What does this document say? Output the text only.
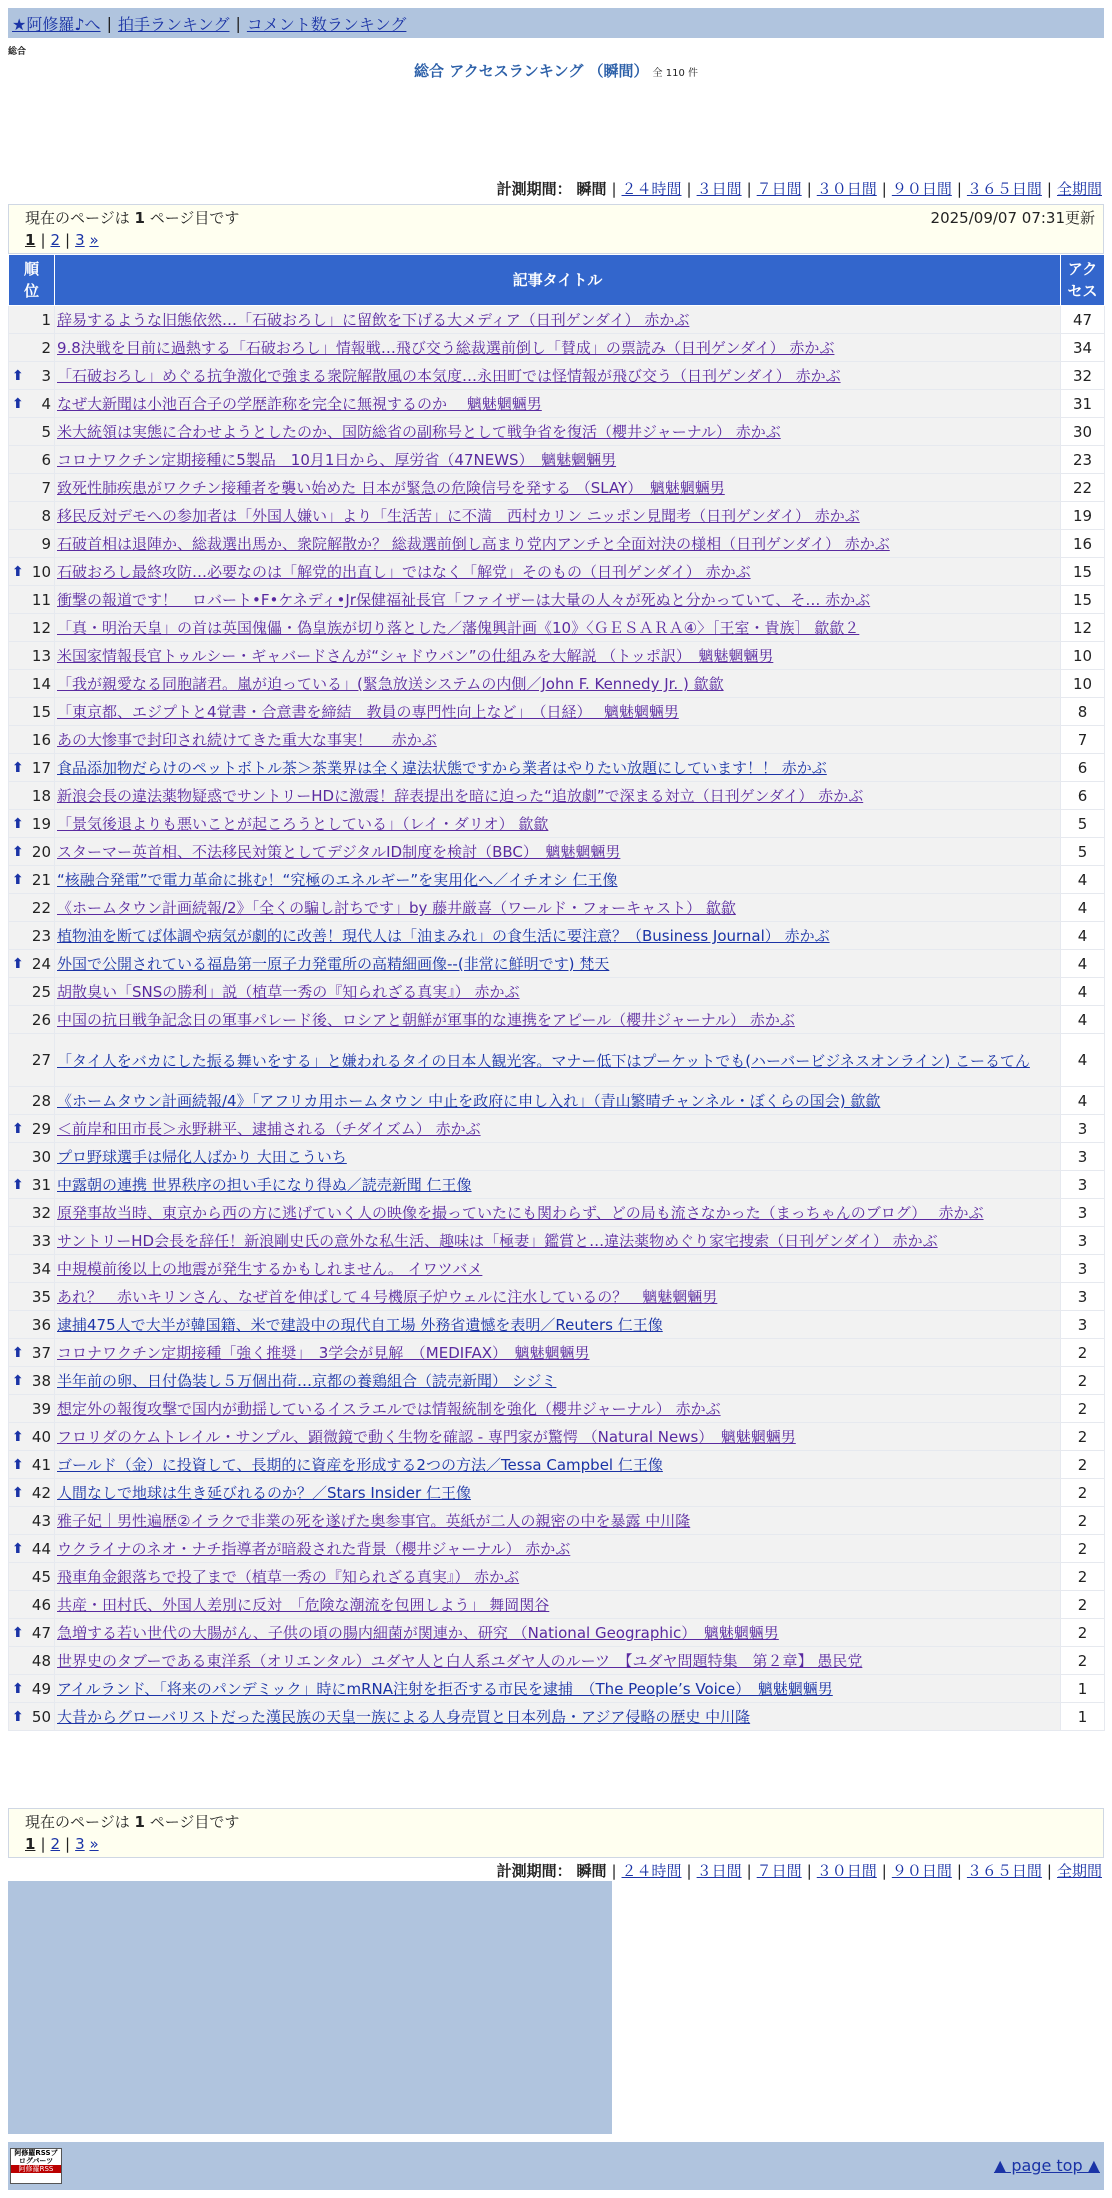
★阿修羅♪へ | 拍手ランキング | コメント数ランキング
総合
総合 アクセスランキング （瞬間） 全 110 件
計測期間： 瞬間 | ２４時間 | ３日間 | ７日間 | ３０日間 | ９０日間 | ３６５日間 | 全期間
現在のページは 1 ページ目です	2025/09/07 07:31更新
1 | 2 | 3 »
順
位	記事タイトル	アク
セス
1	辞易するような旧態依然…「石破おろし」に留飲を下げる大メディア（日刊ゲンダイ） 赤かぶ	47
2	9.8決戦を目前に過熱する「石破おろし」情報戦…飛び交う総裁選前倒し「賛成」の票読み（日刊ゲンダイ） 赤かぶ	34

⬆ 3	「石破おろし」めぐる抗争激化で強まる衆院解散風の本気度…永田町では怪情報が飛び交う（日刊ゲンダイ） 赤かぶ	32

⬆ 4	なぜ大新聞は小池百合子の学歴詐称を完全に無視するのか　 魑魅魍魎男	31
5	米大統領は実態に合わせようとしたのか、国防総省の副称号として戦争省を復活（櫻井ジャーナル） 赤かぶ	30
6	コロナワクチン定期接種に5製品　10月1日から、厚労省（47NEWS）　魑魅魍魎男	23
7	致死性肺疾患がワクチン接種者を襲い始めた 日本が緊急の危険信号を発する （SLAY）　魑魅魍魎男	22
8	移民反対デモへの参加者は「外国人嫌い」より「生活苦」に不満　西村カリン ニッポン見聞考（日刊ゲンダイ） 赤かぶ	19
9	石破首相は退陣か、総裁選出馬か、衆院解散か？ 総裁選前倒し高まり党内アンチと全面対決の様相（日刊ゲンダイ） 赤かぶ	16

⬆ 10	石破おろし最終攻防…必要なのは「解党的出直し」ではなく「解党」そのもの（日刊ゲンダイ） 赤かぶ	15
11	衝撃の報道です！　ロバート•F•ケネディ•Jr保健福祉長官「ファイザーは大量の人々が死ぬと分かっていて、そ… 赤かぶ	15
12	「真・明治天皇」の首は英国傀儡・偽皇族が切り落とした／藩傀興計画《10》〈ＧＥＳＡＲＡ④〉［王室・貴族］ 歙歙２	12
13	米国家情報長官トゥルシー・ギャバードさんが“シャドウバン”の仕組みを大解説 （トッポ訳）　魑魅魍魎男	10
14	「我が親愛なる同胞諸君。嵐が迫っている」(緊急放送システムの内側／John F. Kennedy Jr. ) 歙歙	10
15	「東京都、エジプトと4覚書・合意書を締結　教員の専門性向上など」　（日経）　 魑魅魍魎男	8
16	あの大惨事で封印され続けてきた重大な事実！　 赤かぶ	7

⬆ 17	食品添加物だらけのペットボトル茶＞茶業界は全く違法状態ですから業者はやりたい放題にしています！！ 赤かぶ	6
18	新浪会長の違法薬物疑惑でサントリーHDに激震！辞表提出を暗に迫った“追放劇”で深まる対立（日刊ゲンダイ） 赤かぶ	6

⬆ 19	「景気後退よりも悪いことが起ころうとしている」（レイ・ダリオ） 歙歙	5

⬆ 20	スターマー英首相、不法移民対策としてデジタルID制度を検討（BBC）　魑魅魍魎男	5

⬆ 21	“核融合発電”で電力革命に挑む！“究極のエネルギー”を実用化へ／イチオシ 仁王像	4
22	《ホームタウン計画続報/2》「全くの騙し討ちです」by 藤井厳喜（ワールド・フォーキャスト） 歙歙	4
23	植物油を断てば体調や病気が劇的に改善！現代人は「油まみれ」の食生活に要注意？（Business Journal） 赤かぶ	4

⬆ 24	外国で公開されている福島第一原子力発電所の高精細画像--(非常に鮮明です) 梵天	4
25	胡散臭い「SNSの勝利」説（植草一秀の『知られざる真実』） 赤かぶ	4
26	中国の抗日戦争記念日の軍事パレード後、ロシアと朝鮮が軍事的な連携をアピール（櫻井ジャーナル） 赤かぶ	4
27	「タイ人をバカにした振る舞いをする」と嫌われるタイの日本人観光客。マナー低下はプーケットでも(ハーバービジネスオンライン) こーるてん	4
28	《ホームタウン計画続報/4》「アフリカ用ホームタウン 中止を政府に申し入れ」（青山繁晴チャンネル・ぼくらの国会) 歙歙	4

⬆ 29	＜前岸和田市長＞永野耕平、逮捕される（チダイズム） 赤かぶ	3
30	プロ野球選手は帰化人ばかり 大田こういち	3

⬆ 31	中露朝の連携 世界秩序の担い手になり得ぬ／読売新聞 仁王像	3
32	原発事故当時、東京から西の方に逃げていく人の映像を撮っていたにも関わらず、どの局も流さなかった（まっちゃんのブログ）　 赤かぶ	3
33	サントリーHD会長を辞任！新浪剛史氏の意外な私生活、趣味は「極妻」鑑賞と…違法薬物めぐり家宅捜索（日刊ゲンダイ） 赤かぶ	3
34	中規模前後以上の地震が発生するかもしれません。 イワツバメ	3
35	あれ？　赤いキリンさん、なぜ首を伸ばして４号機原子炉ウェルに注水しているの？　魑魅魍魎男	3
36	逮捕475人で大半が韓国籍、米で建設中の現代自工場 外務省遺憾を表明／Reuters 仁王像	3

⬆ 37	コロナワクチン定期接種「強く推奨」　3学会が見解　（MEDIFAX）　魑魅魍魎男	2

⬆ 38	半年前の卵、日付偽装し５万個出荷…京都の養鶏組合（読売新聞） シジミ	2
39	想定外の報復攻撃で国内が動揺しているイスラエルでは情報統制を強化（櫻井ジャーナル） 赤かぶ	2

⬆ 40	フロリダのケムトレイル・サンプル、顕微鏡で動く生物を確認 - 専門家が驚愕 （Natural News）　魑魅魍魎男	2

⬆ 41	ゴールド（金）に投資して、長期的に資産を形成する2つの方法／Tessa Campbel 仁王像	2

⬆ 42	人間なしで地球は生き延びれるのか？／Stars Insider 仁王像	2
43	雅子妃｜男性遍歴②イラクで非業の死を遂げた奥参事官。英紙が二人の親密の中を暴露 中川隆	2

⬆ 44	ウクライナのネオ・ナチ指導者が暗殺された背景（櫻井ジャーナル） 赤かぶ	2
45	飛車角金銀落ちで投了まで（植草一秀の『知られざる真実』） 赤かぶ	2
46	共産・田村氏、外国人差別に反対　「危険な潮流を包囲しよう」 舞岡関谷	2

⬆ 47	急増する若い世代の大腸がん、子供の頃の腸内細菌が関連か、研究 （National Geographic）　魑魅魍魎男	2
48	世界史のタブーである東洋系（オリエンタル）ユダヤ人と白人系ユダヤ人のルーツ　【ユダヤ問題特集　第２章】 愚民党	2

⬆ 49	アイルランド、「将来のパンデミック」時にmRNA注射を拒否する市民を逮捕　（The People’s Voice）　魑魅魍魎男	1

⬆ 50	大昔からグローバリストだった漢民族の天皇一族による人身売買と日本列島・アジア侵略の歴史 中川隆	1
現在のページは 1 ページ目です
1 | 2 | 3 »
計測期間： 瞬間 | ２４時間 | ３日間 | ７日間 | ３０日間 | ９０日間 | ３６５日間 | 全期間
阿修羅RSSブログパーツ
阿修羅RSS	▲ page top ▲
